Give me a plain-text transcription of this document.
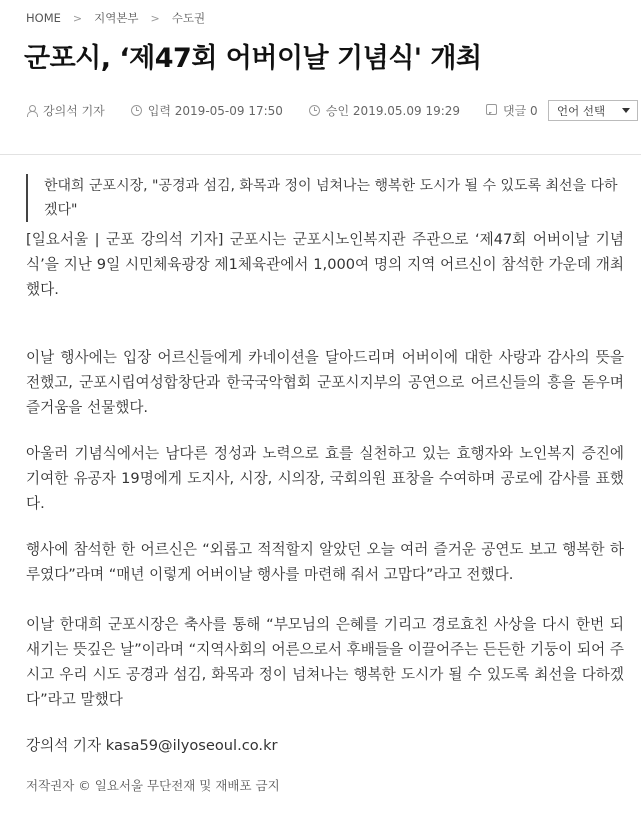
HOME > 지역본부 > 수도권
군포시, ‘제47회 어버이날 기념식' 개최
강의석 기자	입력 2019-05-09 17:50	승인 2019.05.09 19:29	댓글 0 언어 선택
한대희 군포시장, "공경과 섬김, 화목과 정이 넘쳐나는 행복한 도시가 될 수 있도록 최선을 다하겠다"

[일요서울 | 군포 강의석 기자] 군포시는 군포시노인복지관 주관으로 ‘제47회 어버이날 기념식’을 지난 9일 시민체육광장 제1체육관에서 1,000여 명의 지역 어르신이 참석한 가운데 개최했다.

이날 행사에는 입장 어르신들에게 카네이션을 달아드리며 어버이에 대한 사랑과 감사의 뜻을 전했고, 군포시립여성합창단과 한국국악협회 군포시지부의 공연으로 어르신들의 흥을 돋우며 즐거움을 선물했다.

아울러 기념식에서는 남다른 정성과 노력으로 효를 실천하고 있는 효행자와 노인복지 증진에 기여한 유공자 19명에게 도지사, 시장, 시의장, 국회의원 표창을 수여하며 공로에 감사를 표했다.

행사에 참석한 한 어르신은 “외롭고 적적할지 알았던 오늘 여러 즐거운 공연도 보고 행복한 하루였다”라며 “매년 이렇게 어버이날 행사를 마련해 줘서 고맙다”라고 전했다.

이날 한대희 군포시장은 축사를 통해 “부모님의 은혜를 기리고 경로효친 사상을 다시 한번 되새기는 뜻깊은 날”이라며 “지역사회의 어른으로서 후배들을 이끌어주는 든든한 기둥이 되어 주시고 우리 시도 공경과 섬김, 화목과 정이 넘쳐나는 행복한 도시가 될 수 있도록 최선을 다하겠다”라고 말했다

강의석 기자 kasa59@ilyoseoul.co.kr
저작권자 © 일요서울 무단전재 및 재배포 금지
